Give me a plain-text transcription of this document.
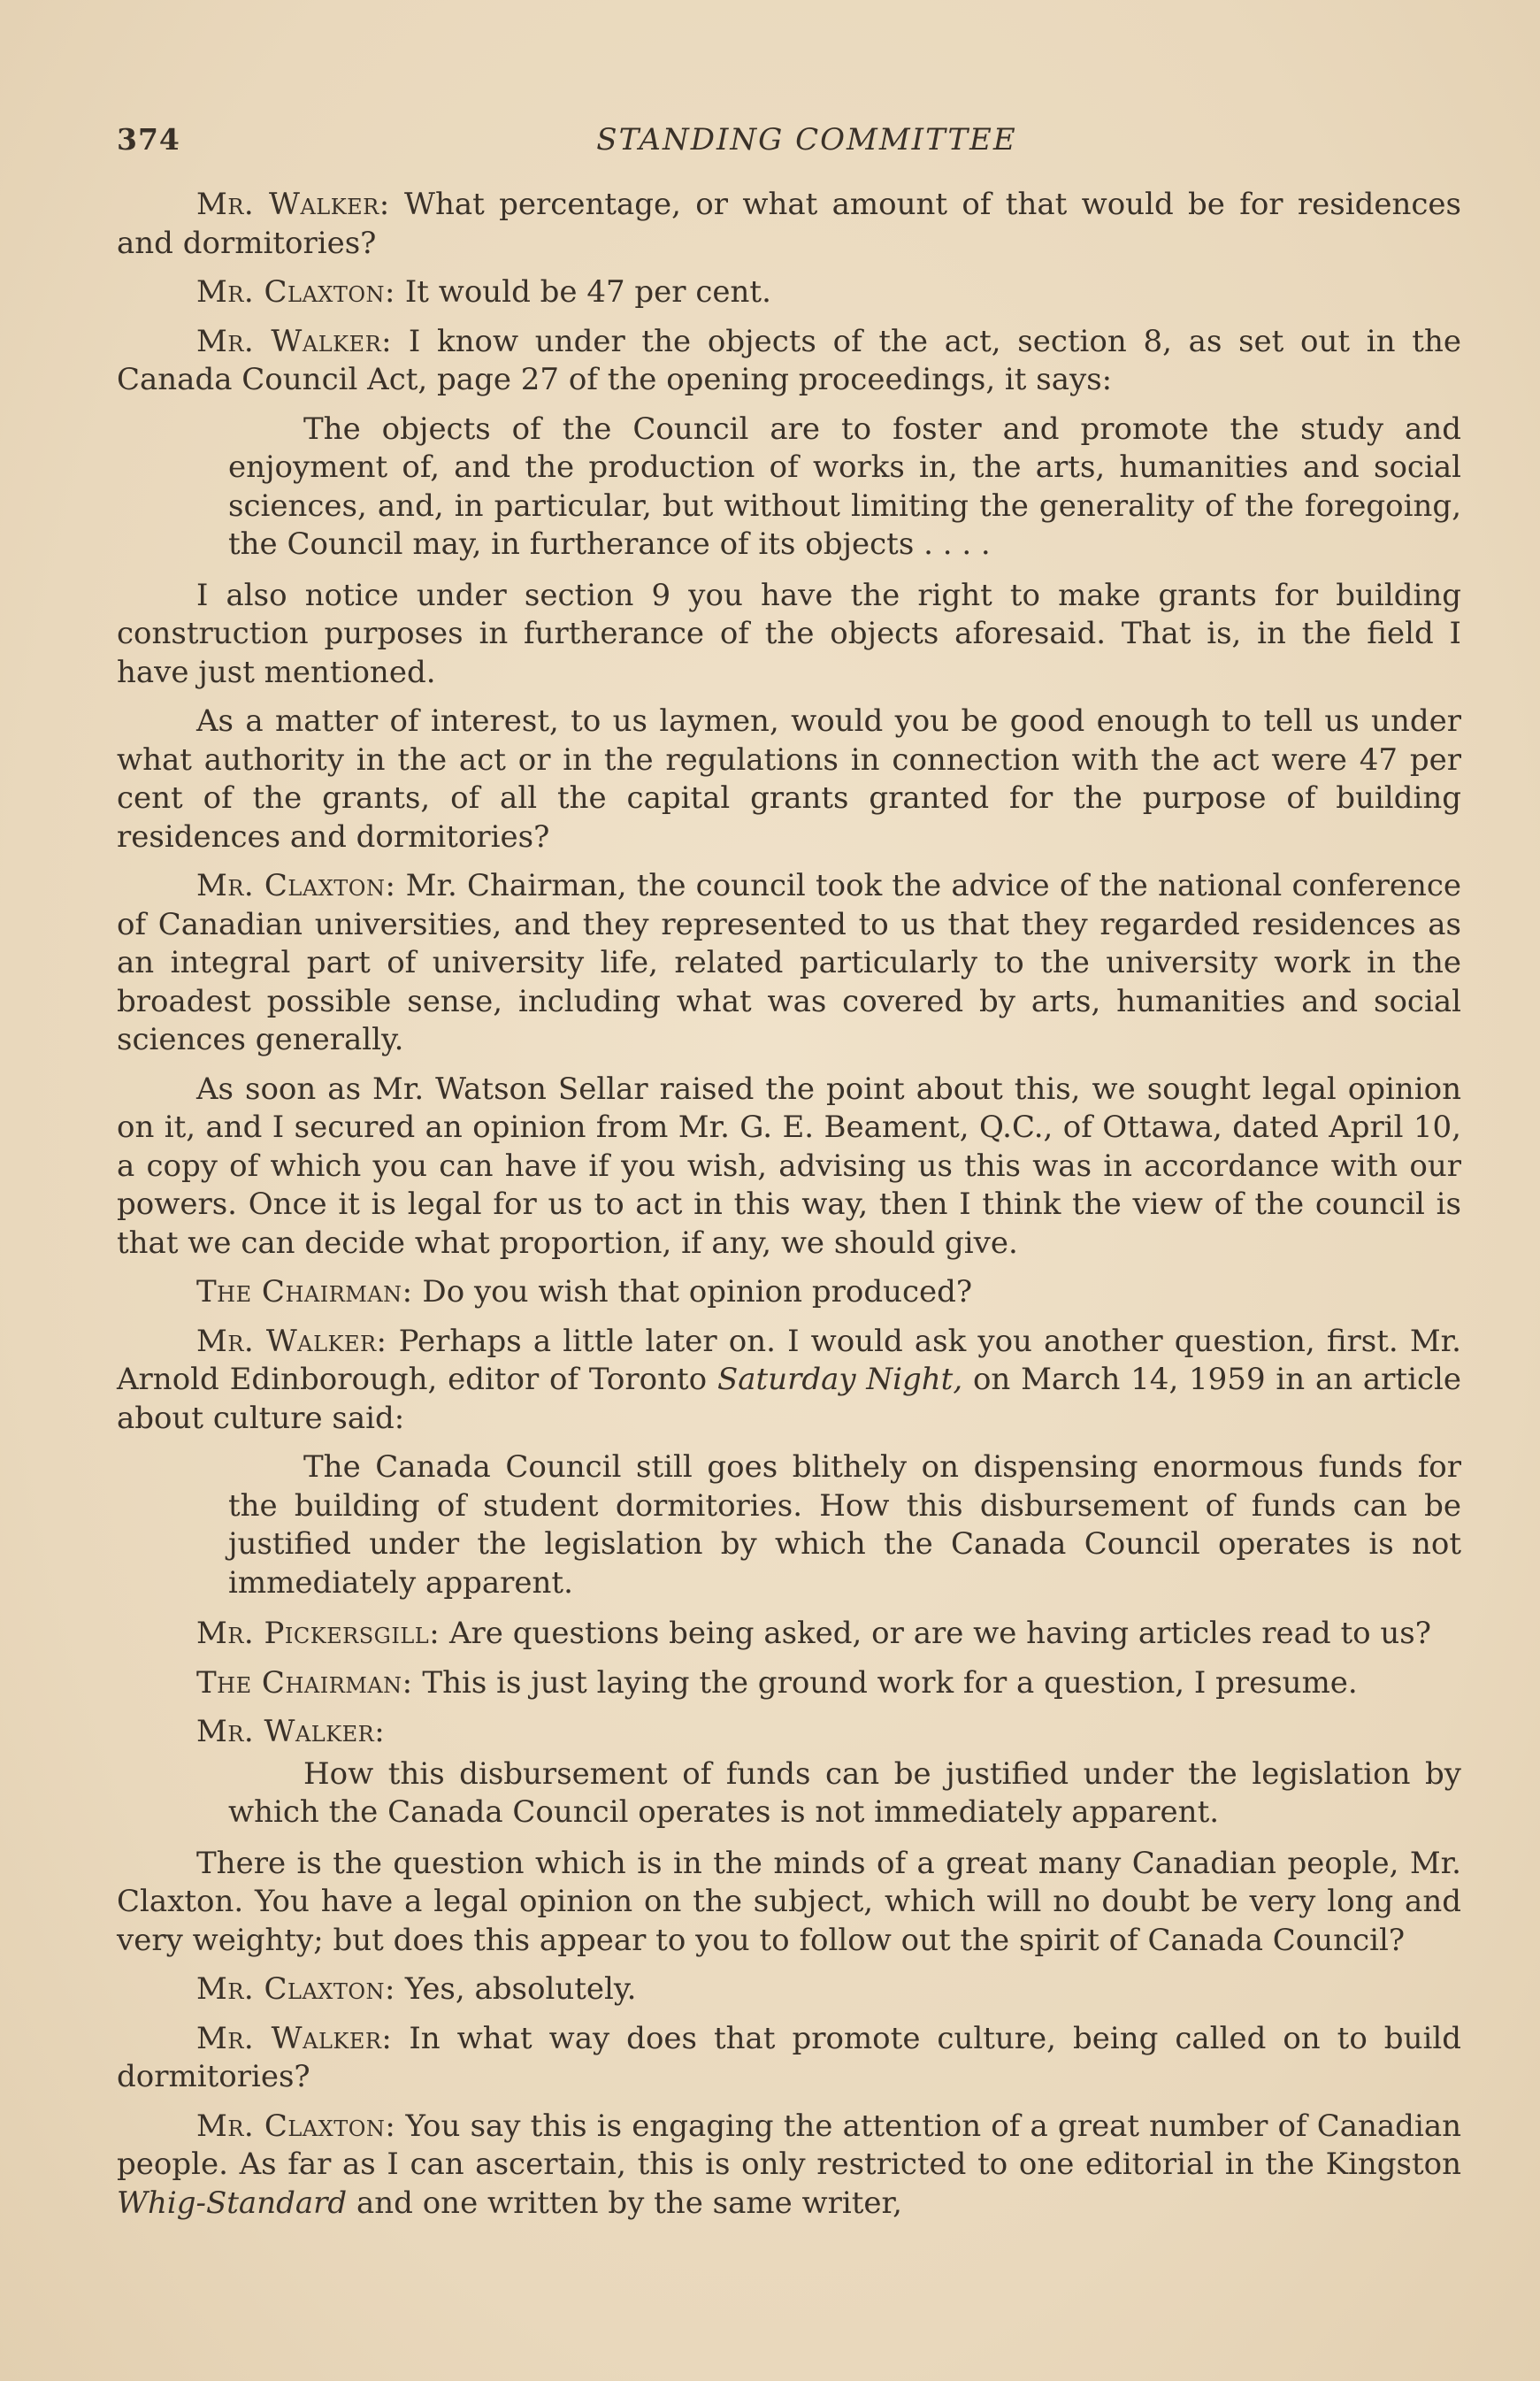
374	STANDING COMMITTEE

Mr. Walker: What percentage, or what amount of that would be for residences and dormitories?

Mr. Claxton: It would be 47 per cent.

Mr. Walker: I know under the objects of the act, section 8, as set out in the Canada Council Act, page 27 of the opening proceedings, it says:

The objects of the Council are to foster and promote the study and enjoyment of, and the production of works in, the arts, humanities and social sciences, and, in particular, but without limiting the generality of the foregoing, the Council may, in furtherance of its objects . . . .

I also notice under section 9 you have the right to make grants for building construction purposes in furtherance of the objects aforesaid. That is, in the field I have just mentioned.

As a matter of interest, to us laymen, would you be good enough to tell us under what authority in the act or in the regulations in connection with the act were 47 per cent of the grants, of all the capital grants granted for the purpose of building residences and dormitories?

Mr. Claxton: Mr. Chairman, the council took the advice of the national conference of Canadian universities, and they represented to us that they regarded residences as an integral part of university life, related particularly to the university work in the broadest possible sense, including what was covered by arts, humanities and social sciences generally.

As soon as Mr. Watson Sellar raised the point about this, we sought legal opinion on it, and I secured an opinion from Mr. G. E. Beament, Q.C., of Ottawa, dated April 10, a copy of which you can have if you wish, advising us this was in accordance with our powers. Once it is legal for us to act in this way, then I think the view of the council is that we can decide what proportion, if any, we should give.

The Chairman: Do you wish that opinion produced?

Mr. Walker: Perhaps a little later on. I would ask you another question, first. Mr. Arnold Edinborough, editor of Toronto Saturday Night, on March 14, 1959 in an article about culture said:

The Canada Council still goes blithely on dispensing enormous funds for the building of student dormitories. How this disbursement of funds can be justified under the legislation by which the Canada Council operates is not immediately apparent.

Mr. Pickersgill: Are questions being asked, or are we having articles read to us?

The Chairman: This is just laying the ground work for a question, I presume.

Mr. Walker:

How this disbursement of funds can be justified under the legislation by which the Canada Council operates is not immediately apparent.

There is the question which is in the minds of a great many Canadian people, Mr. Claxton. You have a legal opinion on the subject, which will no doubt be very long and very weighty; but does this appear to you to follow out the spirit of Canada Council?

Mr. Claxton: Yes, absolutely.

Mr. Walker: In what way does that promote culture, being called on to build dormitories?

Mr. Claxton: You say this is engaging the attention of a great number of Canadian people. As far as I can ascertain, this is only restricted to one editorial in the Kingston Whig-Standard and one written by the same writer,
